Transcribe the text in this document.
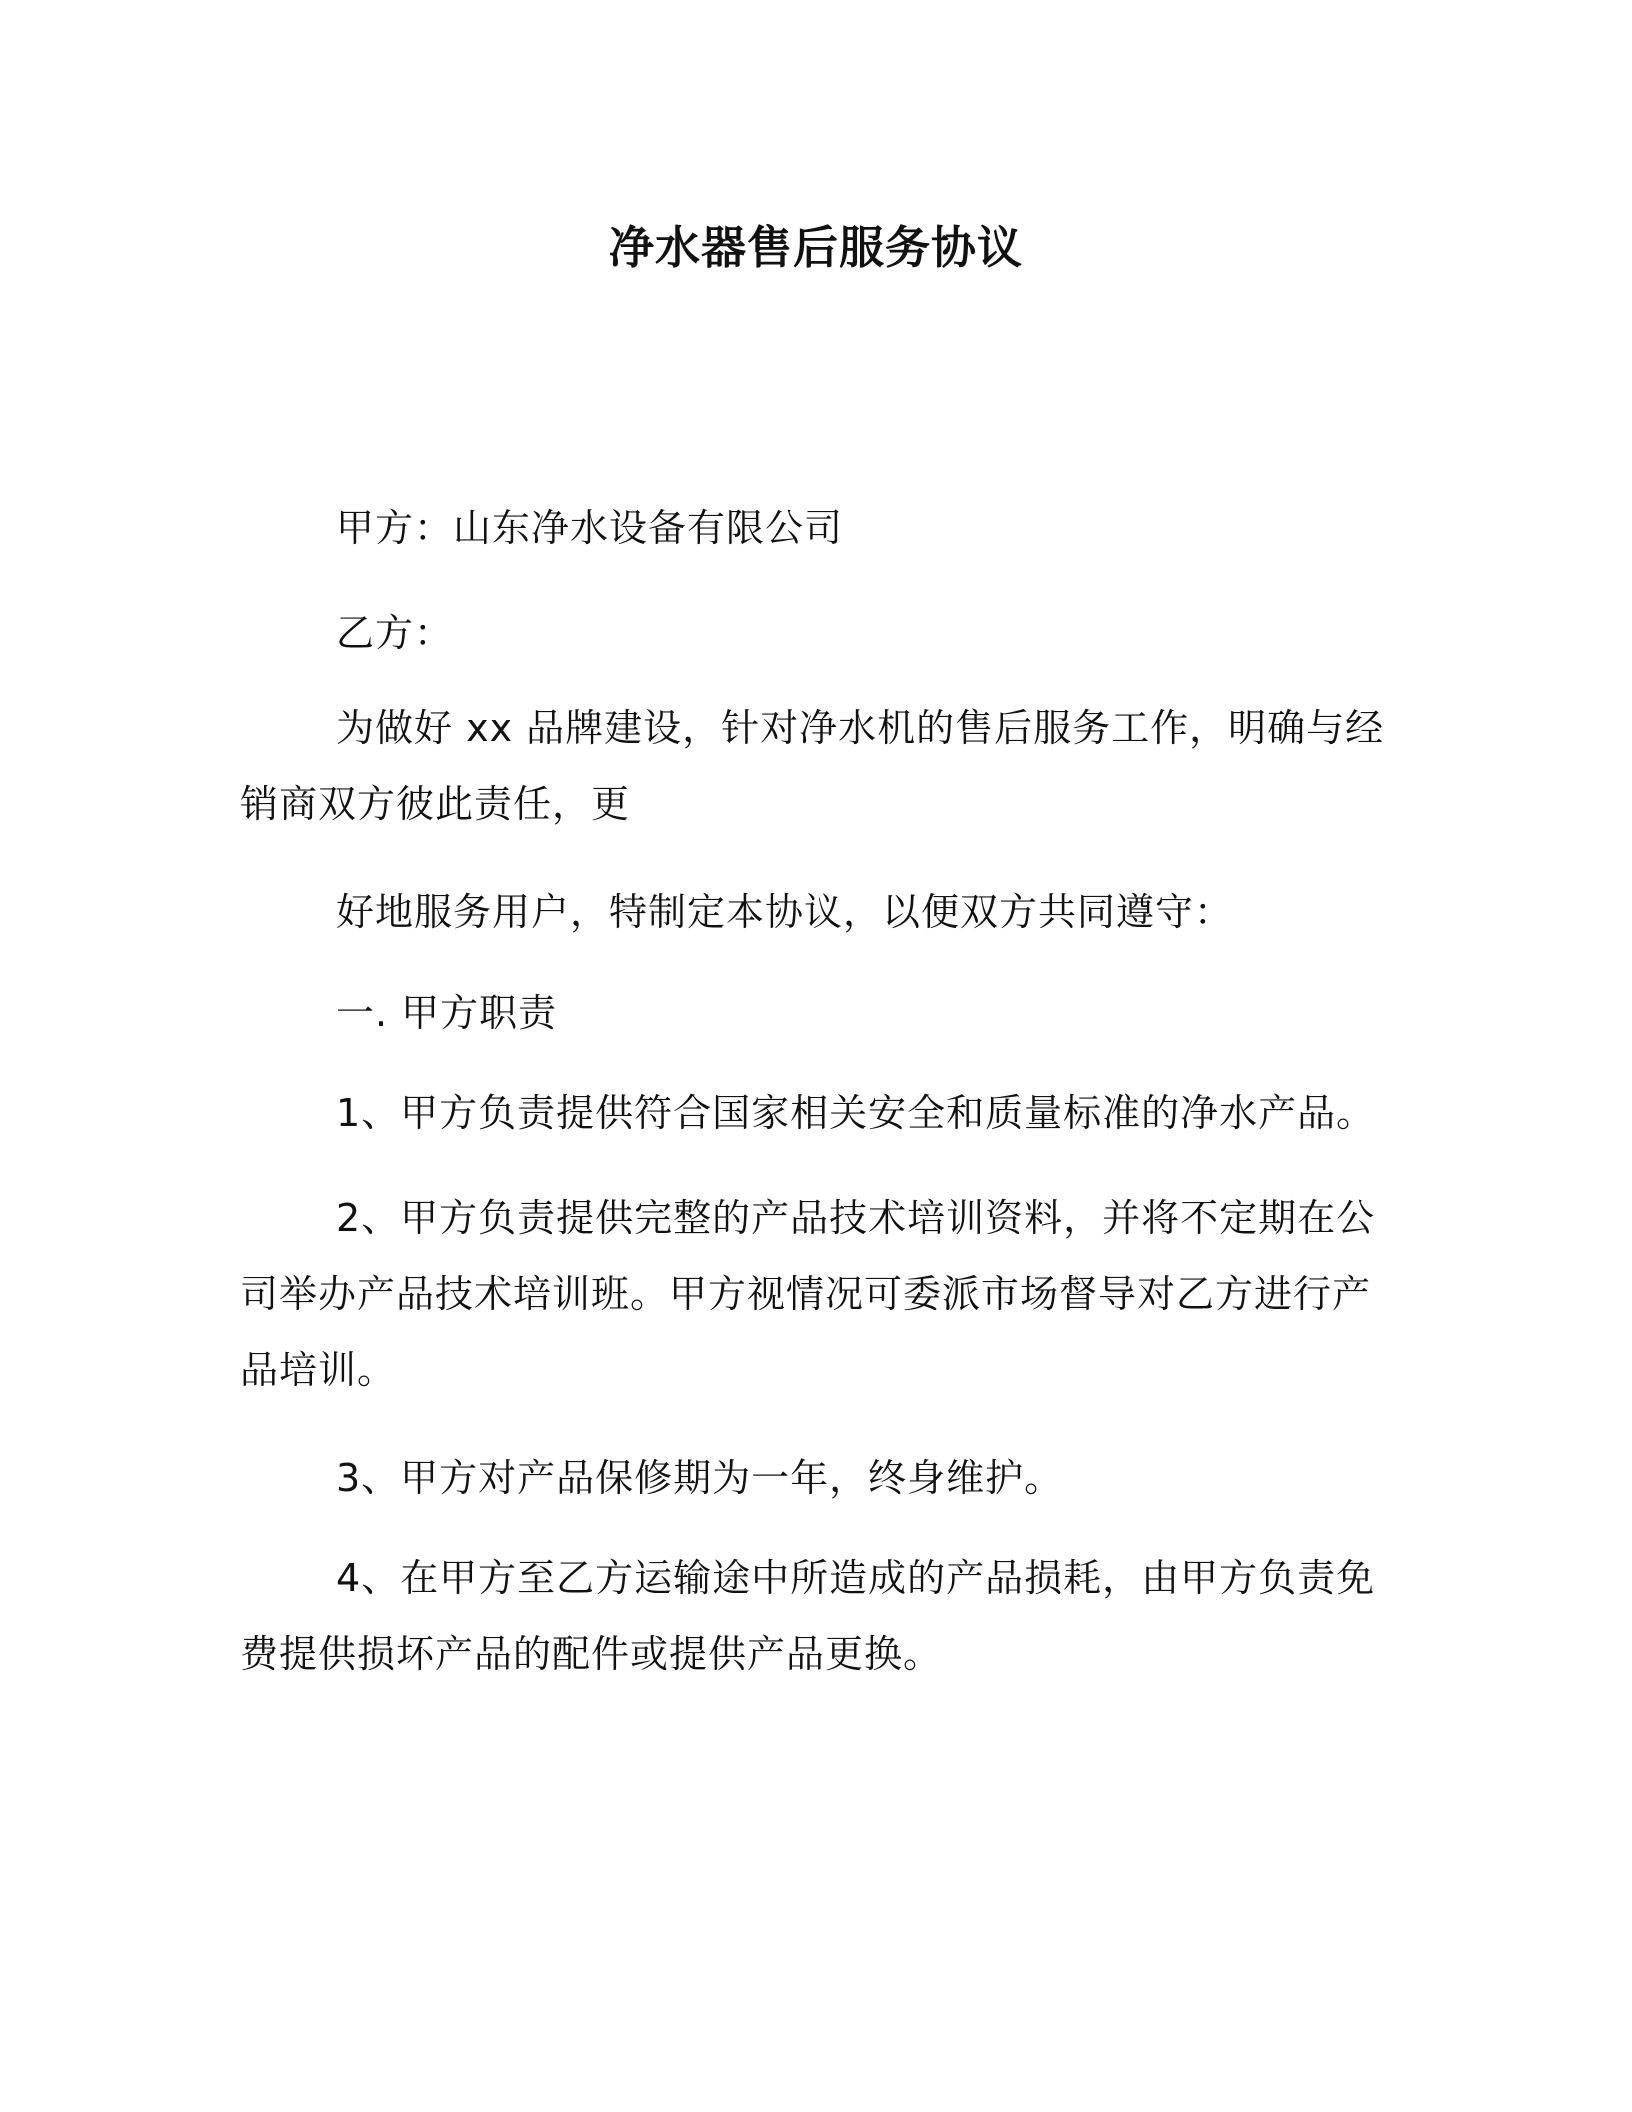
净水器售后服务协议

甲方：山东净水设备有限公司

乙方：

为做好 xx 品牌建设，针对净水机的售后服务工作，明确与经销商双方彼此责任，更

好地服务用户，特制定本协议，以便双方共同遵守：

一. 甲方职责

1、甲方负责提供符合国家相关安全和质量标准的净水产品。

2、甲方负责提供完整的产品技术培训资料，并将不定期在公司举办产品技术培训班。甲方视情况可委派市场督导对乙方进行产品培训。

3、甲方对产品保修期为一年，终身维护。

4、在甲方至乙方运输途中所造成的产品损耗，由甲方负责免费提供损坏产品的配件或提供产品更换。
